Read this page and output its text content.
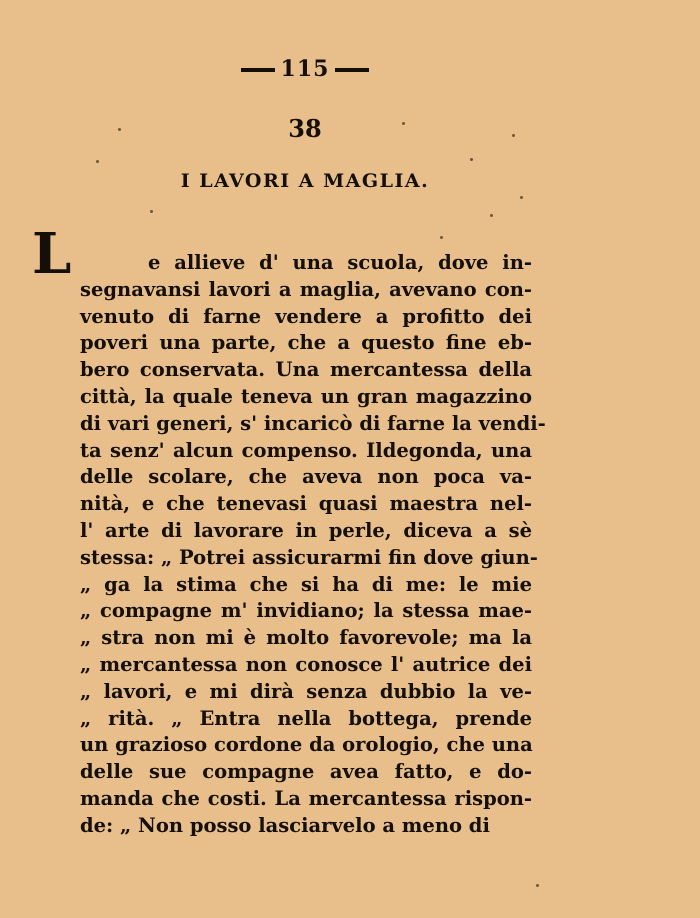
115
38
I LAVORI A MAGLIA.
L	e allieve d' una scuola, dove in-
segnavansi lavori a maglia, avevano con-
venuto di farne vendere a profitto dei
poveri una parte, che a questo fine eb-
bero conservata. Una mercantessa della
città, la quale teneva un gran magazzino
di vari generi, s' incaricò di farne la vendi-
ta senz' alcun compenso. Ildegonda, una
delle scolare, che aveva non poca va-
nità, e che tenevasi quasi maestra nel-
l' arte di lavorare in perle, diceva a sè
stessa: „ Potrei assicurarmi fin dove giun-
„ ga la stima che si ha di me: le mie
„ compagne m' invidiano; la stessa mae-
„ stra non mi è molto favorevole; ma la
„ mercantessa non conosce l' autrice dei
„ lavori, e mi dirà senza dubbio la ve-
„ rità. „ Entra nella bottega, prende
un grazioso cordone da orologio, che una
delle sue compagne avea fatto, e do-
manda che costi. La mercantessa rispon-
de: „ Non posso lasciarvelo a meno di
